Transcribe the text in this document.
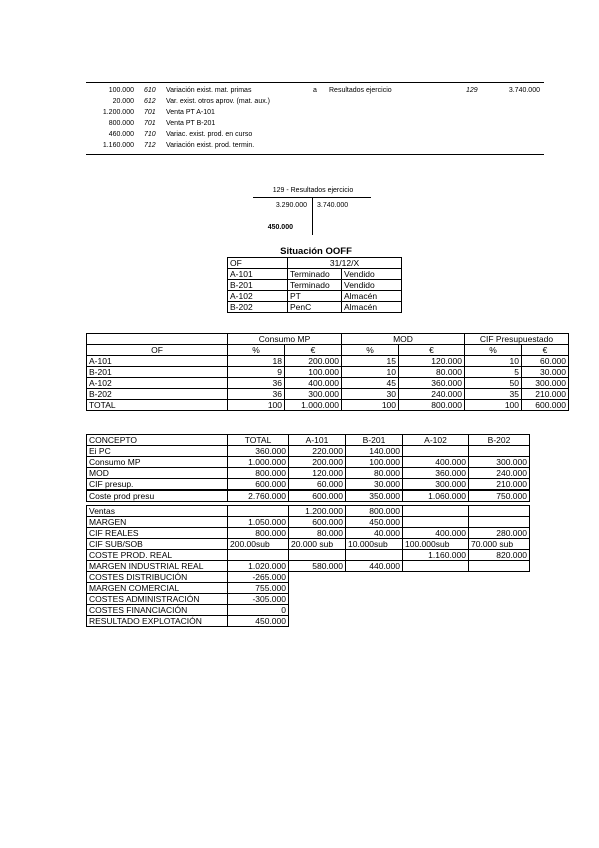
100.000 610 Variación exist. mat. primas	a Resultados ejercicio	129	3.740.000
20.000 612 Var. exist. otros aprov. (mat. aux.)
1.200.000 701 Venta PT A-101
800.000 701 Venta PT B-201
460.000 710 Variac. exist. prod. en curso
1.160.000 712 Variación exist. prod. termin.
129 - Resultados ejercicio
3.290.000 3.740.000
450.000
Situación OOFF
OF	31/12/X	
A-101	Terminado	Vendido
B-201	Terminado	Vendido
A-102	PT	Almacén
B-202	PenC	Almacén
	Consumo MP		MOD		CIF Presupuestado	
OF	%	€	%	€	%	€
A-101	18	200.000	15	120.000	10	60.000
B-201	9	100.000	10	80.000	5	30.000
A-102	36	400.000	45	360.000	50	300.000
B-202	36	300.000	30	240.000	35	210.000
TOTAL	100	1.000.000	100	800.000	100	600.000
CONCEPTO	TOTAL	A-101	B-201	A-102	B-202
Ei PC	360.000	220.000	140.000		
Consumo MP	1.000.000	200.000	100.000	400.000	300.000
MOD	800.000	120.000	80.000	360.000	240.000
CIF presup.	600.000	60.000	30.000	300.000	210.000
Coste prod presu	2.760.000	600.000	350.000	1.060.000	750.000

Ventas		1.200.000	800.000		
MARGEN	1.050.000	600.000	450.000		
CIF REALES	800.000	80.000	40.000	400.000	280.000
CIF SUB/SOB	200.00sub	20.000 sub	10.000sub	100.000sub	70.000 sub
COSTE PROD. REAL				1.160.000	820.000
MARGEN INDUSTRIAL REAL	1.020.000	580.000	440.000		
COSTES DISTRIBUCIÓN	-265.000				
MARGEN COMERCIAL	755.000				
COSTES ADMINISTRACIÓN	-305.000				
COSTES FINANCIACIÓN	0				
RESULTADO EXPLOTACIÓN	450.000				
